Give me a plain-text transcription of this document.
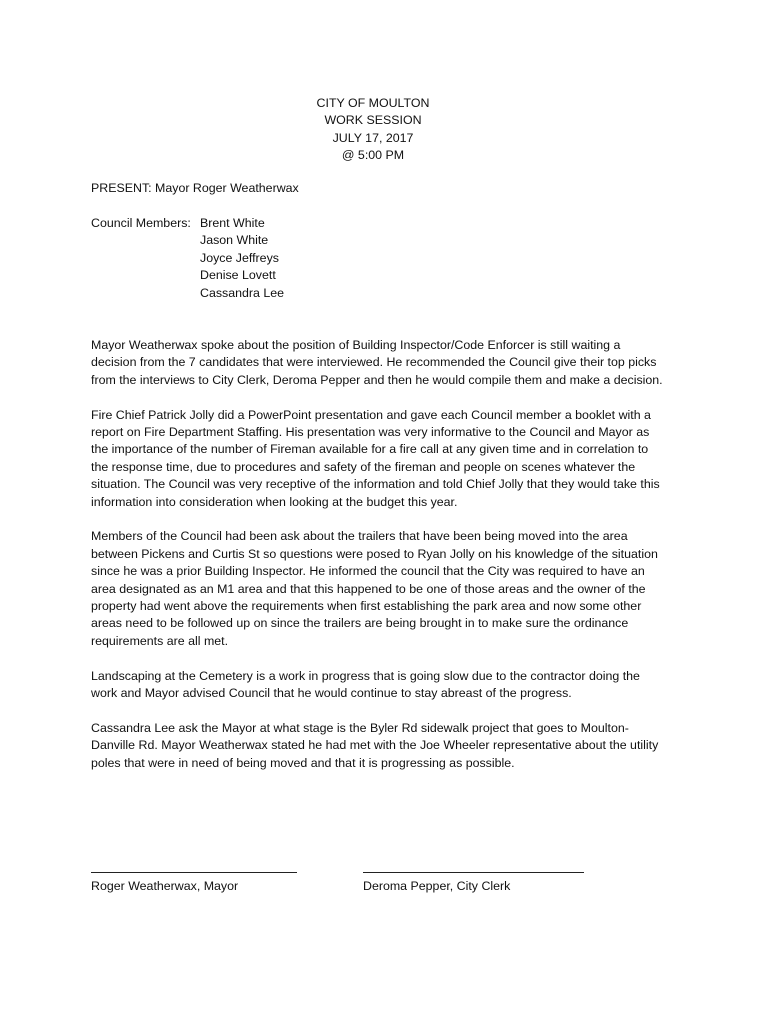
CITY OF MOULTON
WORK SESSION
JULY 17, 2017
@ 5:00 PM
PRESENT: Mayor Roger Weatherwax
Council Members: Brent White
Jason White
Joyce Jeffreys
Denise Lovett
Cassandra Lee

Mayor Weatherwax spoke about the position of Building Inspector/Code Enforcer is still waiting a decision from the 7 candidates that were interviewed. He recommended the Council give their top picks from the interviews to City Clerk, Deroma Pepper and then he would compile them and make a decision.

Fire Chief Patrick Jolly did a PowerPoint presentation and gave each Council member a booklet with a report on Fire Department Staffing. His presentation was very informative to the Council and Mayor as the importance of the number of Fireman available for a fire call at any given time and in correlation to the response time, due to procedures and safety of the fireman and people on scenes whatever the situation. The Council was very receptive of the information and told Chief Jolly that they would take this information into consideration when looking at the budget this year.

Members of the Council had been ask about the trailers that have been being moved into the area between Pickens and Curtis St so questions were posed to Ryan Jolly on his knowledge of the situation since he was a prior Building Inspector. He informed the council that the City was required to have an area designated as an M1 area and that this happened to be one of those areas and the owner of the property had went above the requirements when first establishing the park area and now some other areas need to be followed up on since the trailers are being brought in to make sure the ordinance requirements are all met.

Landscaping at the Cemetery is a work in progress that is going slow due to the contractor doing the work and Mayor advised Council that he would continue to stay abreast of the progress.

Cassandra Lee ask the Mayor at what stage is the Byler Rd sidewalk project that goes to Moulton-Danville Rd. Mayor Weatherwax stated he had met with the Joe Wheeler representative about the utility poles that were in need of being moved and that it is progressing as possible.

Roger Weatherwax, Mayor	Deroma Pepper, City Clerk
